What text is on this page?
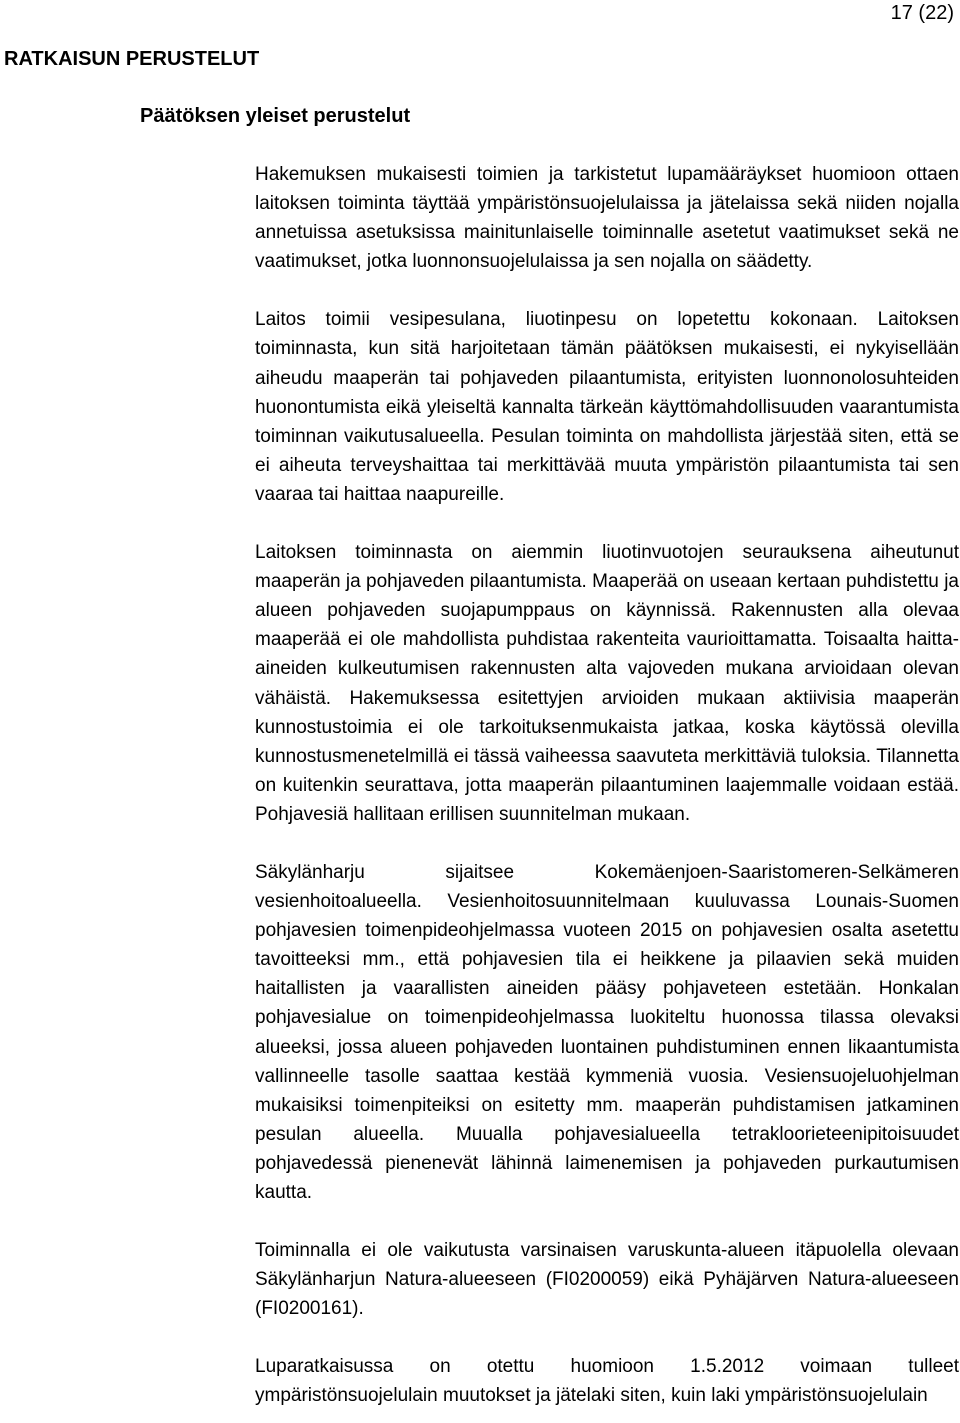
17 (22)
RATKAISUN PERUSTELUT
Päätöksen yleiset perustelut

Hakemuksen mukaisesti toimien ja tarkistetut lupamääräykset huomioon ottaen laitoksen toiminta täyttää ympäristönsuojelulaissa ja jätelaissa sekä niiden nojalla annetuissa asetuksissa mainitunlaiselle toiminnalle asetetut vaatimukset sekä ne vaatimukset, jotka luonnonsuojelulaissa ja sen nojalla on säädetty.

Laitos toimii vesipesulana, liuotinpesu on lopetettu kokonaan. Laitoksen toiminnasta, kun sitä harjoitetaan tämän päätöksen mukaisesti, ei nykyisellään aiheudu maaperän tai pohjaveden pilaantumista, erityisten luonnonolosuhteiden huonontumista eikä yleiseltä kannalta tärkeän käyttömahdollisuuden vaarantumista toiminnan vaikutusalueella. Pesulan toiminta on mahdollista järjestää siten, että se ei aiheuta terveyshaittaa tai merkittävää muuta ympäristön pilaantumista tai sen vaaraa tai haittaa naapureille.

Laitoksen toiminnasta on aiemmin liuotinvuotojen seurauksena aiheutunut maaperän ja pohjaveden pilaantumista. Maaperää on useaan kertaan puhdistettu ja alueen pohjaveden suojapumppaus on käynnissä. Rakennusten alla olevaa maaperää ei ole mahdollista puhdistaa rakenteita vaurioittamatta. Toisaalta haitta-aineiden kulkeutumisen rakennusten alta vajoveden mukana arvioidaan olevan vähäistä. Hakemuksessa esitettyjen arvioiden mukaan aktiivisia maaperän kunnostustoimia ei ole tarkoituksenmukaista jatkaa, koska käytössä olevilla kunnostusmenetelmillä ei tässä vaiheessa saavuteta merkittäviä tuloksia. Tilannetta on kuitenkin seurattava, jotta maaperän pilaantuminen laajemmalle voidaan estää. Pohjavesiä hallitaan erillisen suunnitelman mukaan.

Säkylänharju sijaitsee Kokemäenjoen-Saaristomeren-Selkämeren vesienhoitoalueella. Vesienhoitosuunnitelmaan kuuluvassa Lounais-Suomen pohjavesien toimenpideohjelmassa vuoteen 2015 on pohjavesien osalta asetettu tavoitteeksi mm., että pohjavesien tila ei heikkene ja pilaavien sekä muiden haitallisten ja vaarallisten aineiden pääsy pohjaveteen estetään. Honkalan pohjavesialue on toimenpideohjelmassa luokiteltu huonossa tilassa olevaksi alueeksi, jossa alueen pohjaveden luontainen puhdistuminen ennen likaantumista vallinneelle tasolle saattaa kestää kymmeniä vuosia. Vesiensuojeluohjelman mukaisiksi toimenpiteiksi on esitetty mm. maaperän puhdistamisen jatkaminen pesulan alueella. Muualla pohjavesialueella tetrakloorieteenipitoisuudet pohjavedessä pienenevät lähinnä laimenemisen ja pohjaveden purkautumisen kautta.

Toiminnalla ei ole vaikutusta varsinaisen varuskunta-alueen itäpuolella olevaan Säkylänharjun Natura-alueeseen (FI0200059) eikä Pyhäjärven Natura-alueeseen (FI0200161).

Luparatkaisussa on otettu huomioon 1.5.2012 voimaan tulleet ympäristönsuojelulain muutokset ja jätelaki siten, kuin laki ympäristönsuojelulain
